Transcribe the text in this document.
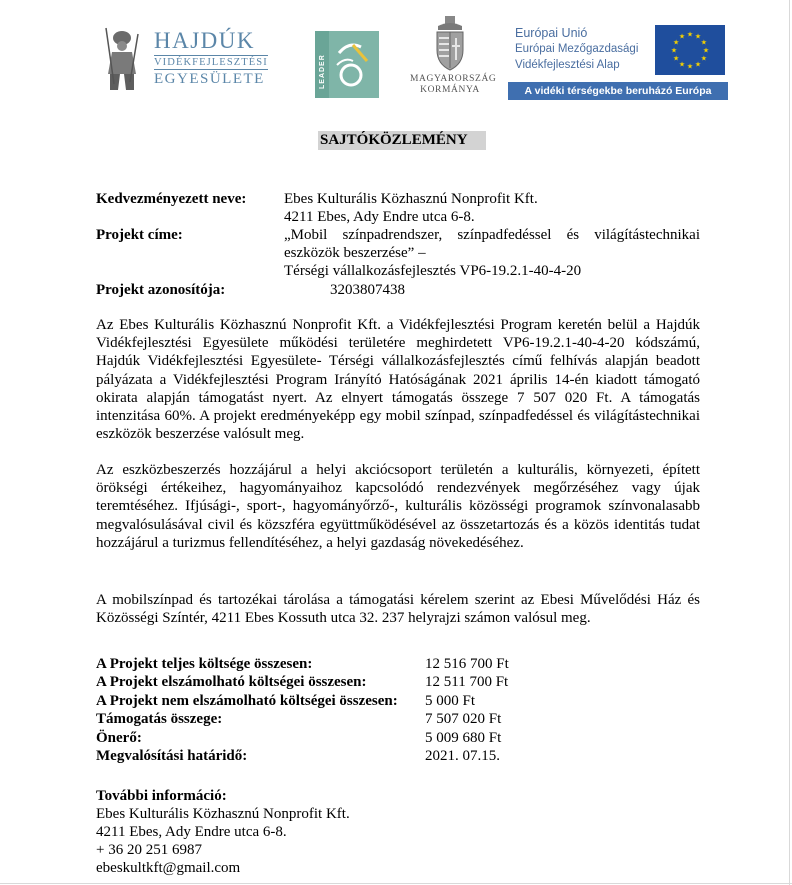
HAJDÚK
VIDÉKFEJLESZTÉSI
EGYESÜLETE	LEADER	MAGYARORSZÁG
KORMÁNYA
Európai Unió
Európai Mezőgazdasági
Vidékfejlesztési Alap
★ ★
★
★
★
★
★
★
★
★
★
★
A vidéki térségekbe beruházó Európa
SAJTÓKÖZLEMÉNY
Kedvezményezett neve:	Ebes Kulturális Közhasznú Nonprofit Kft.
4211 Ebes, Ady Endre utca 6-8.
Projekt címe:	„Mobil színpadrendszer, színpadfedéssel és világítástechnikai
eszközök beszerzése” –
Térségi vállalkozásfejlesztés VP6-19.2.1-40-4-20
Projekt azonosítója:	3203807438

Az Ebes Kulturális Közhasznú Nonprofit Kft. a Vidékfejlesztési Program keretén belül a Hajdúk Vidékfejlesztési Egyesülete működési területére meghirdetett VP6-19.2.1-40-4-20 kódszámú, Hajdúk Vidékfejlesztési Egyesülete- Térségi vállalkozásfejlesztés című felhívás alapján beadott pályázata a Vidékfejlesztési Program Irányító Hatóságának 2021 április 14-én kiadott támogató okirata alapján támogatást nyert. Az elnyert támogatás összege 7 507 020 Ft. A támogatás intenzitása 60%. A projekt eredményeképp egy mobil színpad, színpadfedéssel és világítástechnikai eszközök beszerzése valósult meg.

Az eszközbeszerzés hozzájárul a helyi akciócsoport területén a kulturális, környezeti, épített örökségi értékeihez, hagyományaihoz kapcsolódó rendezvények megőrzéséhez vagy újak teremtéséhez. Ifjúsági-, sport-, hagyományőrző-, kulturális közösségi programok színvonalasabb megvalósulásával civil és közszféra együttműködésével az összetartozás és a közös identitás tudat hozzájárul a turizmus fellendítéséhez, a helyi gazdaság növekedéséhez.

A mobilszínpad és tartozékai tárolása a támogatási kérelem szerint az Ebesi Művelődési Ház és Közösségi Színtér, 4211 Ebes Kossuth utca 32. 237 helyrajzi számon valósul meg.

A Projekt teljes költsége összesen:	12 516 700 Ft
A Projekt elszámolható költségei összesen:	12 511 700 Ft
A Projekt nem elszámolható költségei összesen: 5 000 Ft
Támogatás összege:	7 507 020 Ft
Önerő:	5 009 680 Ft
Megvalósítási határidő:	2021. 07.15.
További információ:
Ebes Kulturális Közhasznú Nonprofit Kft.
4211 Ebes, Ady Endre utca 6-8.
+ 36 20 251 6987
ebeskultkft@gmail.com
